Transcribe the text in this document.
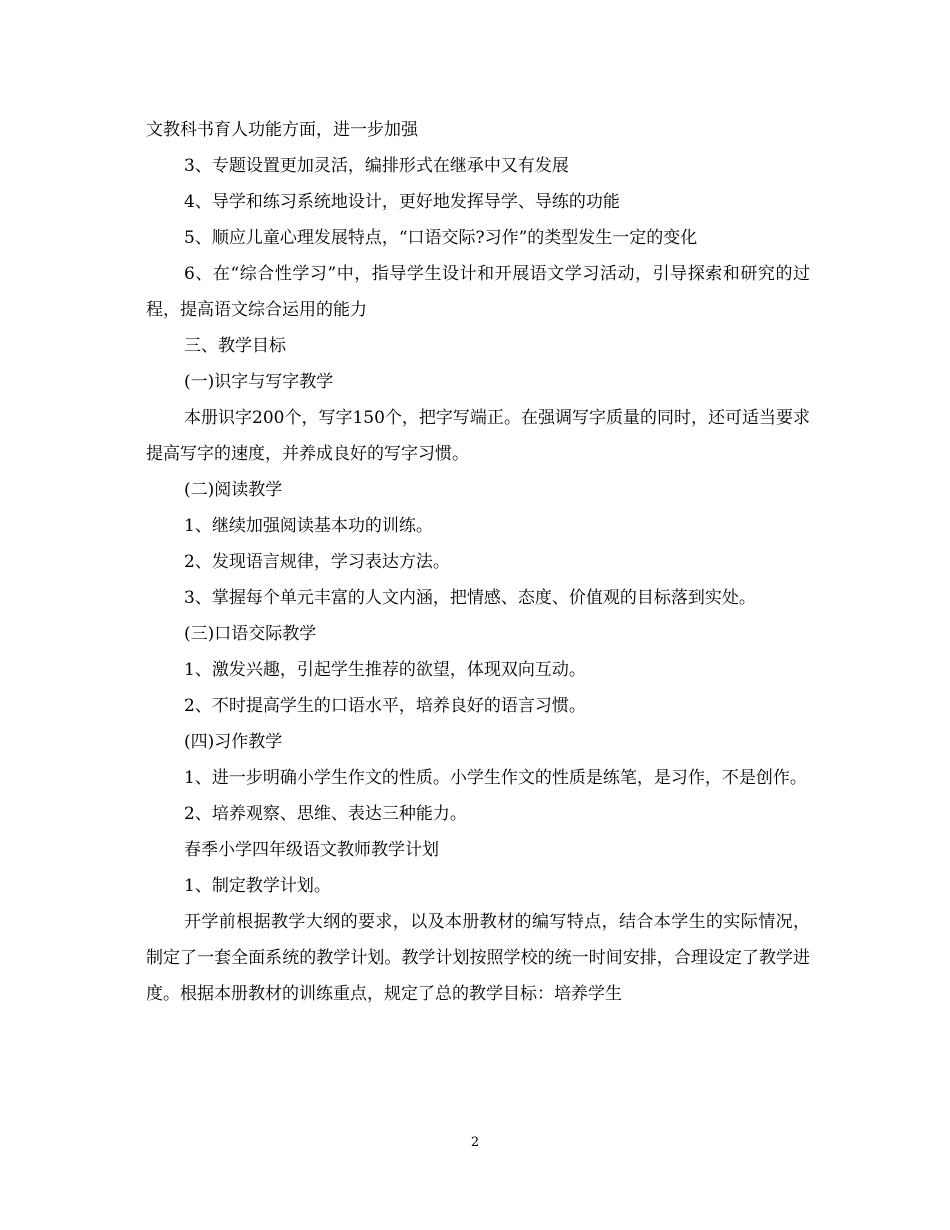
文教科书育人功能方面，进一步加强

3、专题设置更加灵活，编排形式在继承中又有发展

4、导学和练习系统地设计，更好地发挥导学、导练的功能

5、顺应儿童心理发展特点，“口语交际?习作”的类型发生一定的变化

6、在“综合性学习”中，指导学生设计和开展语文学习活动，引导探索和研究的过程，提高语文综合运用的能力

三、教学目标

(一)识字与写字教学

本册识字200个，写字150个，把字写端正。在强调写字质量的同时，还可适当要求提高写字的速度，并养成良好的写字习惯。

(二)阅读教学

1、继续加强阅读基本功的训练。

2、发现语言规律，学习表达方法。

3、掌握每个单元丰富的人文内涵，把情感、态度、价值观的目标落到实处。

(三)口语交际教学

1、激发兴趣，引起学生推荐的欲望，体现双向互动。

2、不时提高学生的口语水平，培养良好的语言习惯。

(四)习作教学

1、进一步明确小学生作文的性质。小学生作文的性质是练笔，是习作，不是创作。

2、培养观察、思维、表达三种能力。

春季小学四年级语文教师教学计划

1、制定教学计划。

开学前根据教学大纲的要求，以及本册教材的编写特点，结合本学生的实际情况，制定了一套全面系统的教学计划。教学计划按照学校的统一时间安排，合理设定了教学进度。根据本册教材的训练重点，规定了总的教学目标：培养学生

2
